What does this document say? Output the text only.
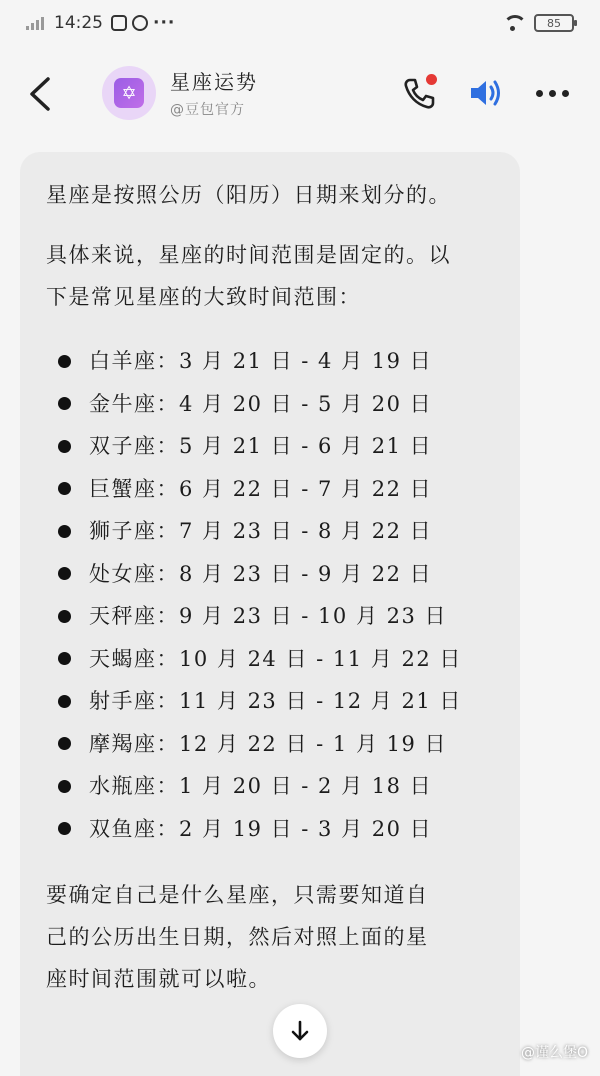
14:25	···	85
✡	星座运势
@豆包官方

星座是按照公历（阳历）日期来划分的。

具体来说，星座的时间范围是固定的。以

下是常见星座的大致时间范围：

白羊座：3 月 21 日 - 4 月 19 日
金牛座：4 月 20 日 - 5 月 20 日
双子座：5 月 21 日 - 6 月 21 日
巨蟹座：6 月 22 日 - 7 月 22 日
狮子座：7 月 23 日 - 8 月 22 日
处女座：8 月 23 日 - 9 月 22 日
天秤座：9 月 23 日 - 10 月 23 日
天蝎座：10 月 24 日 - 11 月 22 日
射手座：11 月 23 日 - 12 月 21 日
摩羯座：12 月 22 日 - 1 月 19 日
水瓶座：1 月 20 日 - 2 月 18 日
双鱼座：2 月 19 日 - 3 月 20 日

要确定自己是什么星座，只需要知道自

己的公历出生日期，然后对照上面的星

座时间范围就可以啦。

@谨么堡O
